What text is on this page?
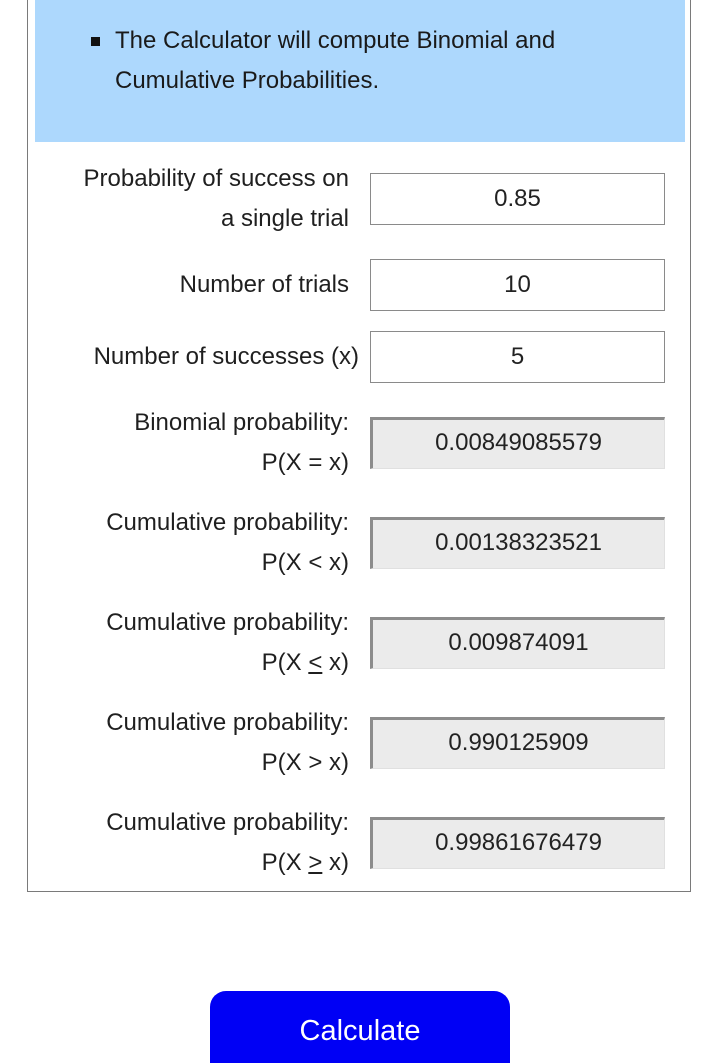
The Calculator will compute Binomial and Cumulative Probabilities.
Probability of success on
a single trial
0.85
Number of trials	10
Number of successes (x)	5
Binomial probability:
P(X = x)
0.00849085579
Cumulative probability:
P(X < x)
0.00138323521
Cumulative probability:
P(X < x)
0.009874091
Cumulative probability:
P(X > x)
0.990125909
Cumulative probability:
P(X > x)
0.99861676479
Calculate
